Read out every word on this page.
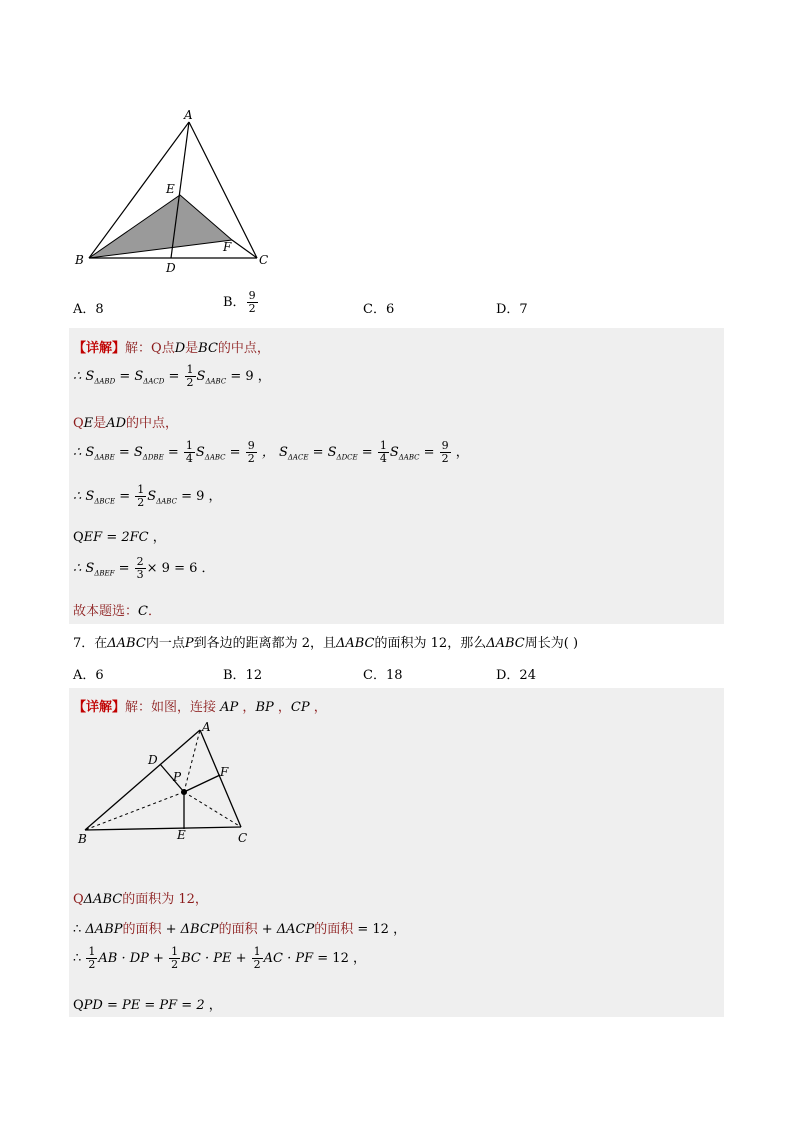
A
B	C
D
E
F
A．8	B． $\frac{9}{2}$	C．6	D．7
【详解】解：Q点D是BC的中点，
∴ $S_{\Delta ABD} = S_{\Delta ACD} = \frac{1}{2} S_{\Delta ABC} = 9$ ，
QE是AD的中点，
∴ $S_{\Delta ABE} = S_{\Delta DBE} = \frac{1}{4} S_{\Delta ABC} = \frac{9}{2}$ ， $S_{\Delta ACE} = S_{\Delta DCE} = \frac{1}{4} S_{\Delta ABC} = \frac{9}{2}$ ，
∴ $S_{\Delta BCE} = \frac{1}{2} S_{\Delta ABC} = 9$ ，
QEF = 2FC ，
∴ $S_{\Delta BEF} = \frac{2}{3} \times 9 = 6$ ．
故本题选：C．
7．在ΔABC内一点P到各边的距离都为 2，且ΔABC的面积为 12，那么ΔABC周长为( )
A．6	B．12	C．18	D．24
【详解】解：如图，连接 AP ，BP ，CP ，
A
B	C
D
E
F
P
QΔABC的面积为 12，
∴ ΔABP的面积 + ΔBCP的面积 + ΔACP的面积 = 12 ，
∴ $\frac{1}{2}$ AB · DP + $\frac{1}{2}$ BC · PE + $\frac{1}{2}$ AC · PF = 12 ，
QPD = PE = PF = 2 ，
